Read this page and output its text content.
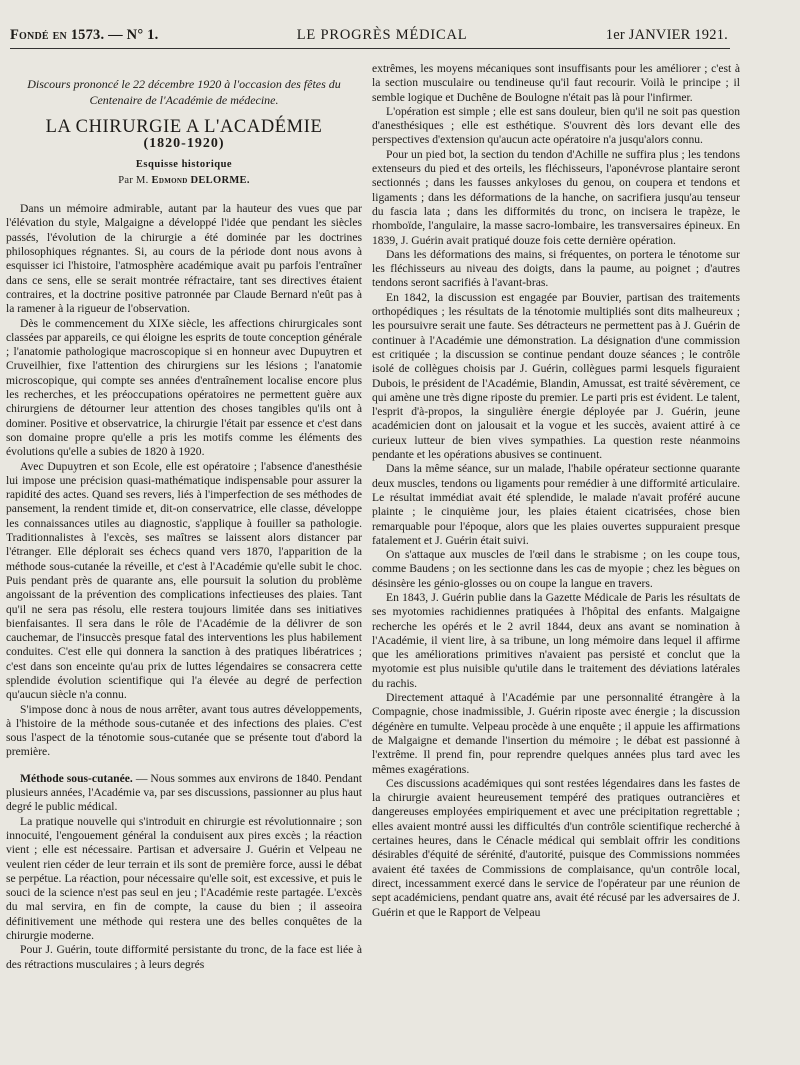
Fondé en 1573. — N° 1.	LE PROGRÈS MÉDICAL	1er JANVIER 1921.
Discours prononcé le 22 décembre 1920 à l'occasion des fêtes du Centenaire de l'Académie de médecine.
LA CHIRURGIE A L'ACADÉMIE
(1820-1920)
Esquisse historique
Par M. Edmond DELORME.

Dans un mémoire admirable, autant par la hauteur des vues que par l'élévation du style, Malgaigne a développé l'idée que pendant les siècles passés, l'évolution de la chirurgie a été dominée par les doctrines philosophiques régnantes. Si, au cours de la période dont nous avons à esquisser ici l'histoire, l'atmosphère académique avait pu parfois l'entraîner dans ce sens, elle se serait montrée réfractaire, tant ses directives étaient contraires, et la doctrine positive patronnée par Claude Bernard n'eût pas à la ramener à la rigueur de l'observation.

Dès le commencement du XIXe siècle, les affections chirurgicales sont classées par appareils, ce qui éloigne les esprits de toute conception générale ; l'anatomie pathologique macroscopique si en honneur avec Dupuytren et Cruveilhier, fixe l'attention des chirurgiens sur les lésions ; l'anatomie microscopique, qui compte ses années d'entraînement localise encore plus les recherches, et les préoccupations opératoires ne permettent guère aux chirurgiens de détourner leur attention des choses tangibles qu'ils ont à dominer. Positive et observatrice, la chirurgie l'était par essence et c'est dans son domaine propre qu'elle a pris les motifs comme les éléments des évolutions qu'elle a subies de 1820 à 1920.

Avec Dupuytren et son Ecole, elle est opératoire ; l'absence d'anesthésie lui impose une précision quasi-mathématique indispensable pour assurer la rapidité des actes. Quand ses revers, liés à l'imperfection de ses méthodes de pansement, la rendent timide et, dit-on conservatrice, elle classe, développe les connaissances utiles au diagnostic, s'applique à fouiller sa pathologie. Traditionnalistes à l'excès, ses maîtres se laissent alors distancer par l'étranger. Elle déplorait ses échecs quand vers 1870, l'apparition de la méthode sous-cutanée la réveille, et c'est à l'Académie qu'elle subit le choc. Puis pendant près de quarante ans, elle poursuit la solution du problème angoissant de la prévention des complications infectieuses des plaies. Tant qu'il ne sera pas résolu, elle restera toujours limitée dans ses initiatives bienfaisantes. Il sera dans le rôle de l'Académie de la délivrer de son cauchemar, de l'insuccès presque fatal des interventions les plus habilement conduites. C'est elle qui donnera la sanction à des pratiques libératrices ; c'est dans son enceinte qu'au prix de luttes légendaires se consacrera cette splendide évolution scientifique qui l'a élevée au degré de perfection qu'aucun siècle n'a connu.

S'impose donc à nous de nous arrêter, avant tous autres développements, à l'histoire de la méthode sous-cutanée et des infections des plaies. C'est sous l'aspect de la ténotomie sous-cutanée que se présente tout d'abord la première.

Méthode sous-cutanée. — Nous sommes aux environs de 1840. Pendant plusieurs années, l'Académie va, par ses discussions, passionner au plus haut degré le public médical.

La pratique nouvelle qui s'introduit en chirurgie est révolutionnaire ; son innocuité, l'engouement général la conduisent aux pires excès ; la réaction vient ; elle est nécessaire. Partisan et adversaire J. Guérin et Velpeau ne veulent rien céder de leur terrain et ils sont de première force, aussi le débat se perpétue. La réaction, pour nécessaire qu'elle soit, est excessive, et puis le souci de la science n'est pas seul en jeu ; l'Académie reste partagée. L'excès du mal servira, en fin de compte, la cause du bien ; il asseoira définitivement une méthode qui restera une des belles conquêtes de la chirurgie moderne.

Pour J. Guérin, toute difformité persistante du tronc, de la face est liée à des rétractions musculaires ; à leurs degrés

extrêmes, les moyens mécaniques sont insuffisants pour les améliorer ; c'est à la section musculaire ou tendineuse qu'il faut recourir. Voilà le principe ; il semble logique et Duchêne de Boulogne n'était pas là pour l'infirmer.

L'opération est simple ; elle est sans douleur, bien qu'il ne soit pas question d'anesthésiques ; elle est esthétique. S'ouvrent dès lors devant elle des perspectives d'extension qu'aucun acte opératoire n'a jusqu'alors connu.

Pour un pied bot, la section du tendon d'Achille ne suffira plus ; les tendons extenseurs du pied et des orteils, les fléchisseurs, l'aponévrose plantaire seront sectionnés ; dans les fausses ankyloses du genou, on coupera et tendons et ligaments ; dans les déformations de la hanche, on sacrifiera jusqu'au tenseur du fascia lata ; dans les difformités du tronc, on incisera le trapèze, le rhomboïde, l'angulaire, la masse sacro-lombaire, les transversaires épineux. En 1839, J. Guérin avait pratiqué douze fois cette dernière opération.

Dans les déformations des mains, si fréquentes, on portera le ténotome sur les fléchisseurs au niveau des doigts, dans la paume, au poignet ; d'autres tendons seront sacrifiés à l'avant-bras.

En 1842, la discussion est engagée par Bouvier, partisan des traitements orthopédiques ; les résultats de la ténotomie multipliés sont dits malheureux ; les poursuivre serait une faute. Ses détracteurs ne permettent pas à J. Guérin de continuer à l'Académie une démonstration. La désignation d'une commission est critiquée ; la discussion se continue pendant douze séances ; le contrôle isolé de collègues choisis par J. Guérin, collègues parmi lesquels figuraient Dubois, le président de l'Académie, Blandin, Amussat, est traité sévèrement, ce qui amène une très digne riposte du premier. Le parti pris est évident. Le talent, l'esprit d'à-propos, la singulière énergie déployée par J. Guérin, jeune académicien dont on jalousait et la vogue et les succès, avaient attiré à ce curieux lutteur de bien vives sympathies. La question reste néanmoins pendante et les opérations abusives se continuent.

Dans la même séance, sur un malade, l'habile opérateur sectionne quarante deux muscles, tendons ou ligaments pour remédier à une difformité articulaire. Le résultat immédiat avait été splendide, le malade n'avait proféré aucune plainte ; le cinquième jour, les plaies étaient cicatrisées, chose bien remarquable pour l'époque, alors que les plaies ouvertes suppuraient presque fatalement et J. Guérin était suivi.

On s'attaque aux muscles de l'œil dans le strabisme ; on les coupe tous, comme Baudens ; on les sectionne dans les cas de myopie ; chez les bègues on désinsère les génio-glosses ou on coupe la langue en travers.

En 1843, J. Guérin publie dans la Gazette Médicale de Paris les résultats de ses myotomies rachidiennes pratiquées à l'hôpital des enfants. Malgaigne recherche les opérés et le 2 avril 1844, deux ans avant se nomination à l'Académie, il vient lire, à sa tribune, un long mémoire dans lequel il affirme que les améliorations primitives n'avaient pas persisté et conclut que la myotomie est plus nuisible qu'utile dans le traitement des déviations latérales du rachis.

Directement attaqué à l'Académie par une personnalité étrangère à la Compagnie, chose inadmissible, J. Guérin riposte avec énergie ; la discussion dégénère en tumulte. Velpeau procède à une enquête ; il appuie les affirmations de Malgaigne et demande l'insertion du mémoire ; le débat est passionné à l'extrême. Il prend fin, pour reprendre quelques années plus tard avec les mêmes exagérations.

Ces discussions académiques qui sont restées légendaires dans les fastes de la chirurgie avaient heureusement tempéré des pratiques outrancières et dangereuses employées empiriquement et avec une précipitation regrettable ; elles avaient montré aussi les difficultés d'un contrôle scientifique recherché à certaines heures, dans le Cénacle médical qui semblait offrir les conditions désirables d'équité de sérénité, d'autorité, puisque des Commissions nommées avaient été taxées de Commissions de complaisance, qu'un contrôle local, direct, incessamment exercé dans le service de l'opérateur par une réunion de sept académiciens, pendant quatre ans, avait été récusé par les adversaires de J. Guérin et que le Rapport de Velpeau
